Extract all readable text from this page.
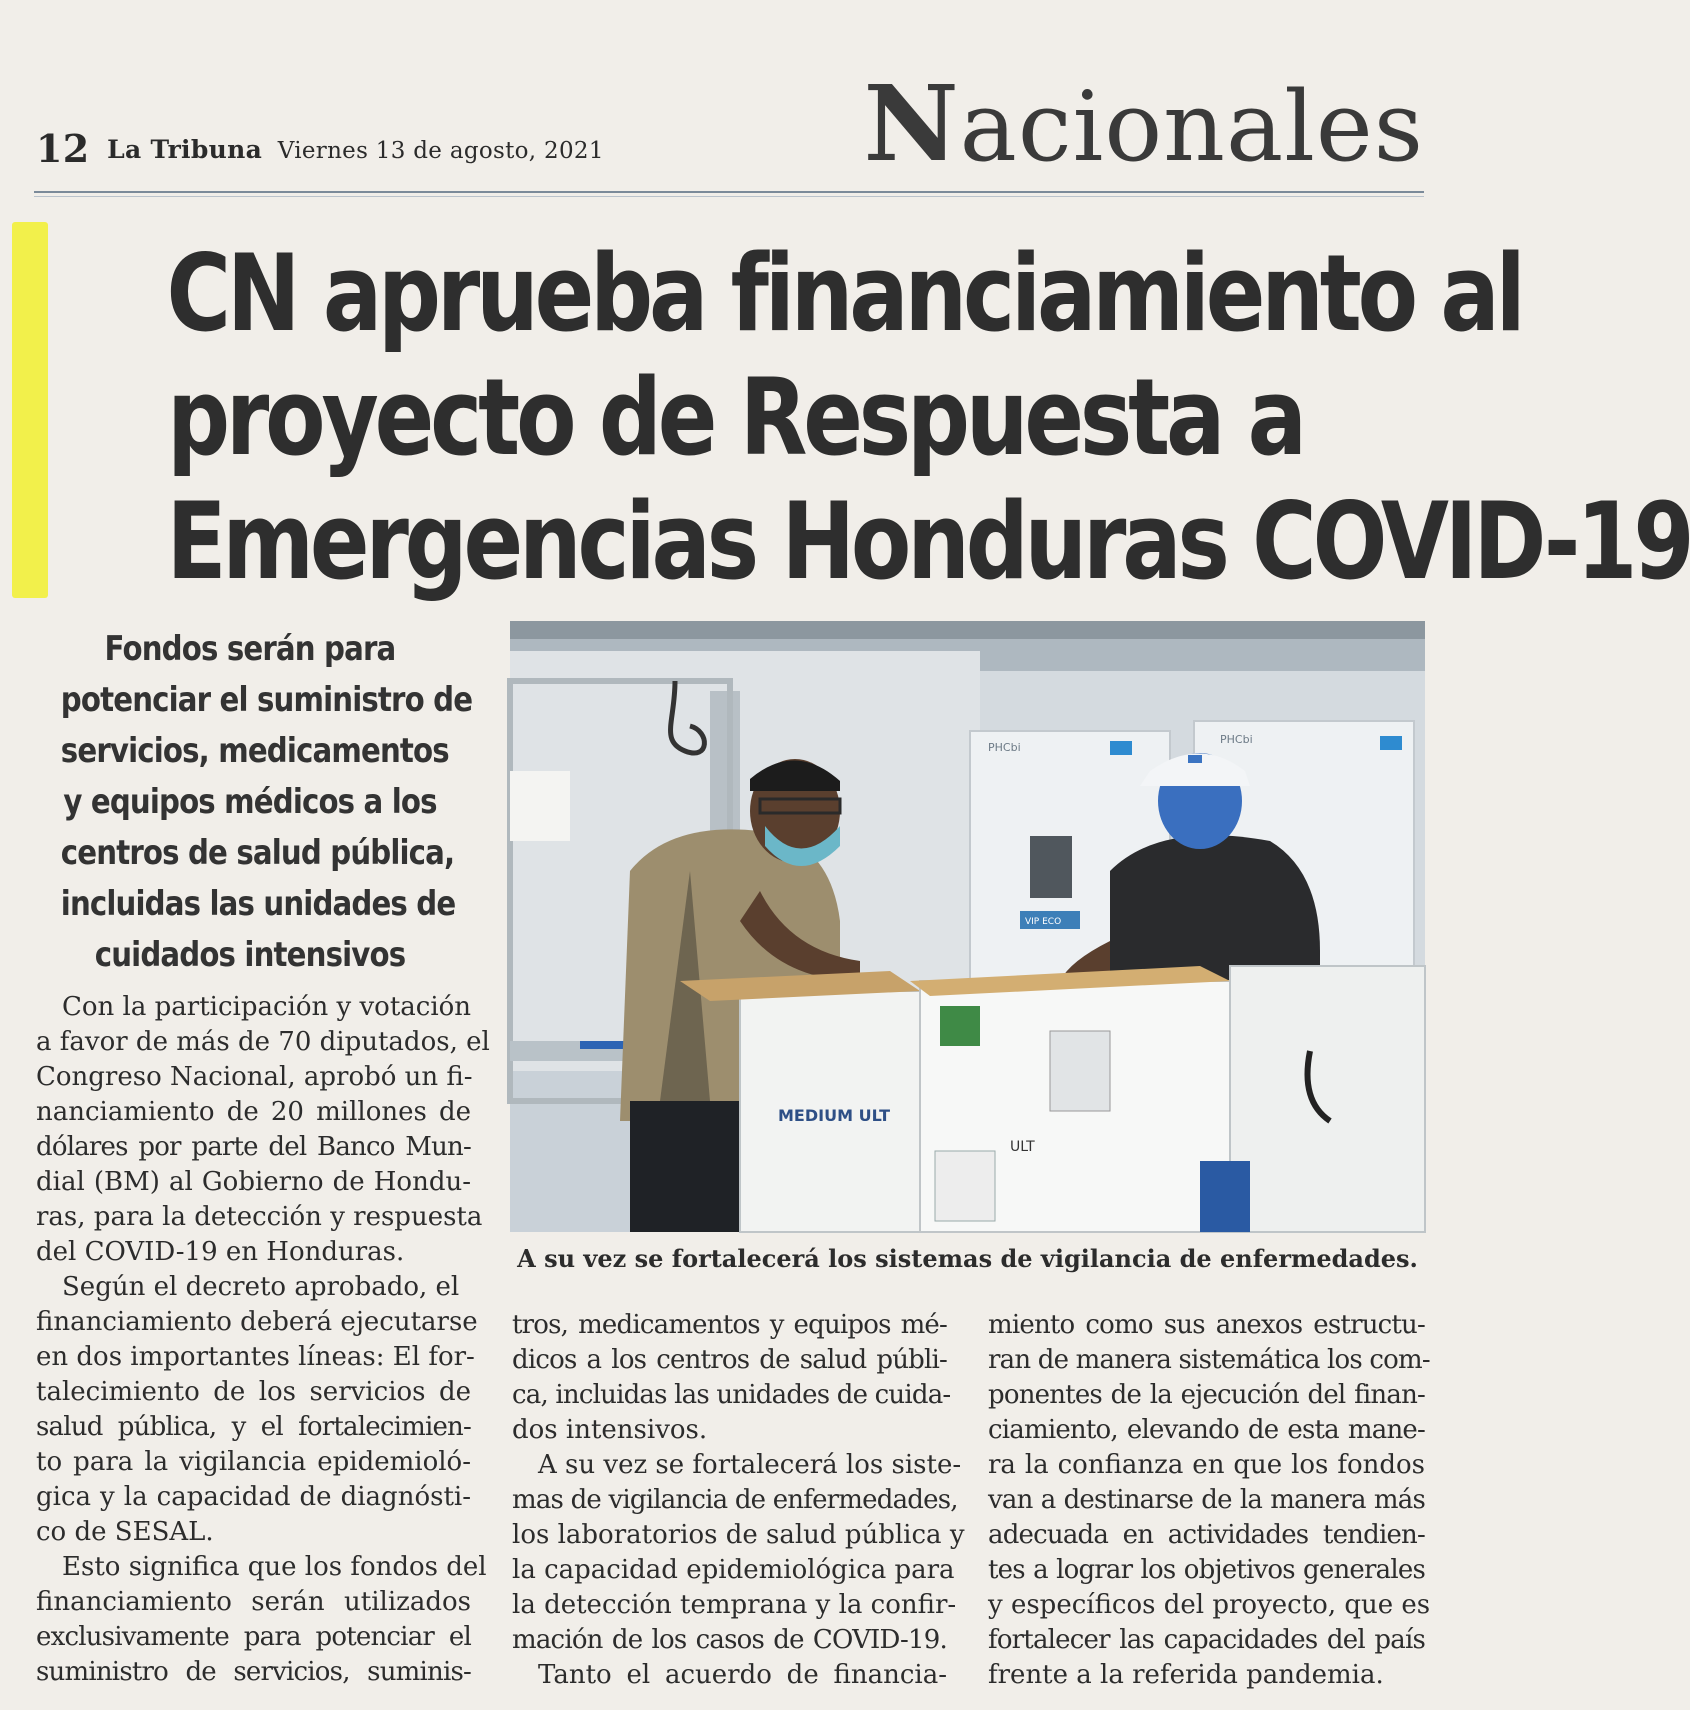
12 La Tribuna Viernes 13 de agosto, 2021 Nacionales
CN aprueba financiamiento al
proyecto de Respuesta a
Emergencias Honduras COVID-19
Fondos serán para
potenciar el suministro de
servicios, medicamentos
y equipos médicos a los
centros de salud pública,
incluidas las unidades de
cuidados intensivos
PHCbi
PHCbi
VIP ECO
MEDIUM ULT
ULT
A su vez se fortalecerá los sistemas de vigilancia de enfermedades.
Con la participación y votación
a favor de más de 70 diputados, el
Congreso Nacional, aprobó un fi-
nanciamiento de 20 millones de
dólares por parte del Banco Mun-
dial (BM) al Gobierno de Hondu-
ras, para la detección y respuesta
del COVID-19 en Honduras.
Según el decreto aprobado, el
financiamiento deberá ejecutarse
en dos importantes líneas: El for-
talecimiento de los servicios de
salud pública, y el fortalecimien-
to para la vigilancia epidemioló-
gica y la capacidad de diagnósti-
co de SESAL.
Esto significa que los fondos del
financiamiento serán utilizados
exclusivamente para potenciar el
suministro de servicios, suminis-
tros, medicamentos y equipos mé-
dicos a los centros de salud públi-
ca, incluidas las unidades de cuida-
dos intensivos.
A su vez se fortalecerá los siste-
mas de vigilancia de enfermedades,
los laboratorios de salud pública y
la capacidad epidemiológica para
la detección temprana y la confir-
mación de los casos de COVID-19.
Tanto el acuerdo de financia-
miento como sus anexos estructu-
ran de manera sistemática los com-
ponentes de la ejecución del finan-
ciamiento, elevando de esta mane-
ra la confianza en que los fondos
van a destinarse de la manera más
adecuada en actividades tendien-
tes a lograr los objetivos generales
y específicos del proyecto, que es
fortalecer las capacidades del país
frente a la referida pandemia.
